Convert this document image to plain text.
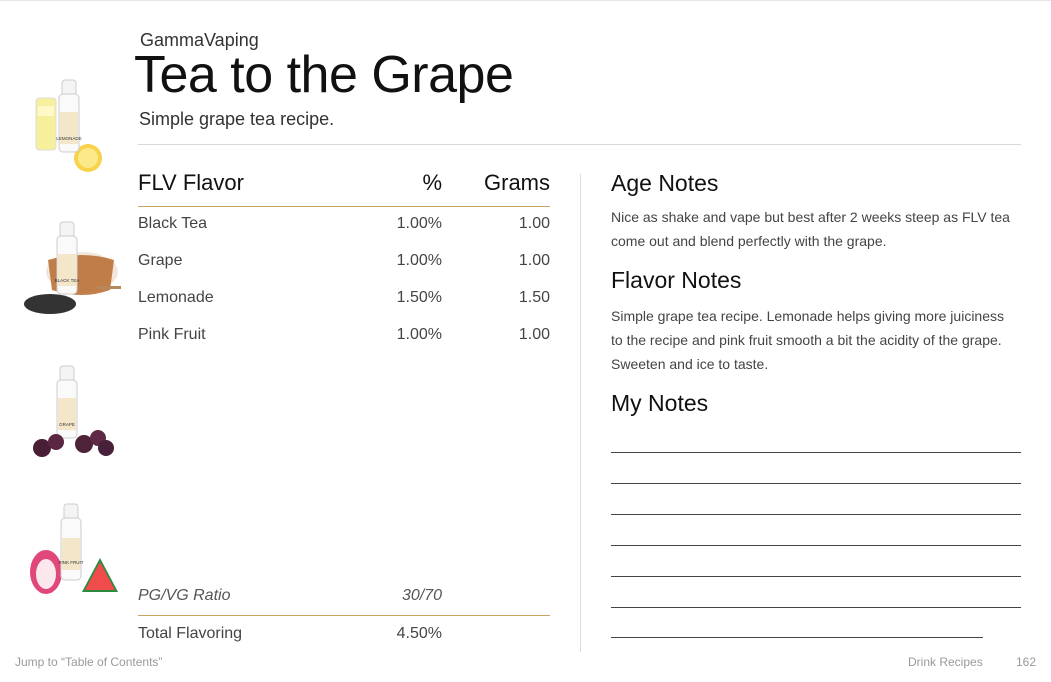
GammaVaping
Tea to the Grape
Simple grape tea recipe.
LEMONADE
BLACK TEA
GRAPE
PINK FRUIT
FLV Flavor	%	Grams
Black Tea	1.00%	1.00
Grape	1.00%	1.00
Lemonade	1.50%	1.50
Pink Fruit	1.00%	1.00
PG/VG Ratio	30/70
Total Flavoring	4.50%
Age Notes
Nice as shake and vape but best after 2 weeks steep as FLV tea come out and blend perfectly with the grape.
Flavor Notes
Simple grape tea recipe. Lemonade helps giving more juiciness to the recipe and pink fruit smooth a bit the acidity of the grape. Sweeten and ice to taste.
My Notes
Jump to “Table of Contents”	Drink Recipes	162
